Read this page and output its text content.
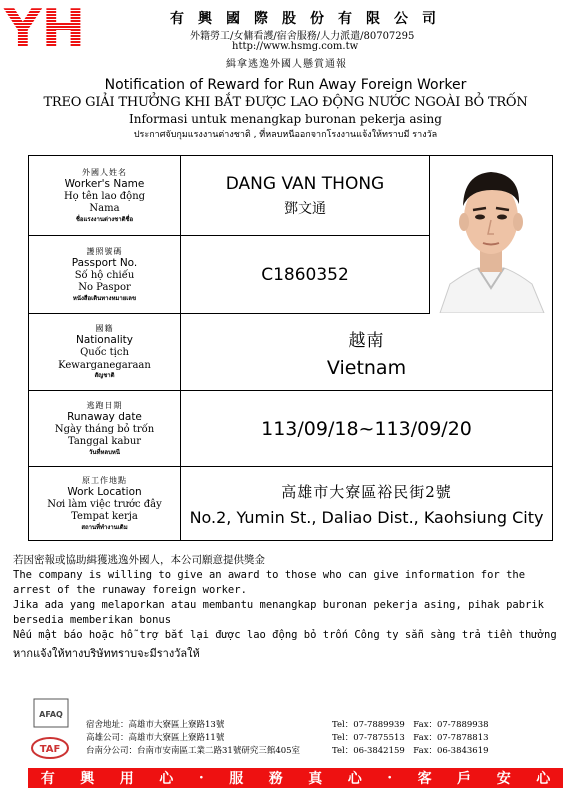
YH	有興國際股份有限公司
外籍勞工/女傭看護/宿舍服務/人力派遣/80707295
http://www.hsmg.com.tw
緝拿逃逸外國人懸賞通報
Notification of Reward for Run Away Foreign Worker
TREO GIẢI THƯỞNG KHI BẮT ĐƯỢC LAO ĐỘNG NƯỚC NGOÀI BỎ TRỐN
Informasi untuk menangkap buronan pekerja asing
ประกาศจับกุมแรงงานต่างชาติ , ที่หลบหนีออกจากโรงงานแจ้งให้ทราบมี รางวัล
外國人姓名
Worker's Name
Họ tên lao động
Nama
ชื่อแรงงานต่างชาติชื่อ
DANG VAN THONG
鄧文通
護照號碼
Passport No.
Số hộ chiếu
No Paspor
หนังสือเดินทางหมายเลข
C1860352
國籍
Nationality
Quốc tịch
Kewarganegaraan
สัญชาติ
越南
Vietnam
逃跑日期
Runaway date
Ngày tháng bỏ trốn
Tanggal kabur
วันที่หลบหนี
113/09/18~113/09/20
原工作地點
Work Location
Nơi làm việc trước đây
Tempat kerja
สถานที่ทำงานเดิม
高雄市大寮區裕民街2號
No.2, Yumin St., Daliao Dist., Kaohsiung City
若因密報或協助緝獲逃逸外國人，本公司願意提供獎金
The company is willing to give an award to those who can give information for the arrest of the runaway foreign worker.
Jika ada yang melaporkan atau membantu menangkap buronan pekerja asing, pihak pabrik bersedia memberikan bonus
Nếu mật báo hoặc hỗ trợ bắt lại được lao động bỏ trốn Công ty sẵn sàng trả tiền thưởng
หากแจ้งให้ทางบริษัททราบจะมีรางวัลให้
AFAQ
TAF
宿舍地址：高雄市大寮區上寮路13號	Tel：07-7889939　Fax：07-7889938
高雄公司：高雄市大寮區上寮路11號	Tel：07-7875513　Fax：07-7878813
台南分公司：台南市安南區工業二路31號研究三館405室	Tel：06-3842159　Fax：06-3843619
有 興 用 心 · 服 務 真 心 · 客 戶 安 心
